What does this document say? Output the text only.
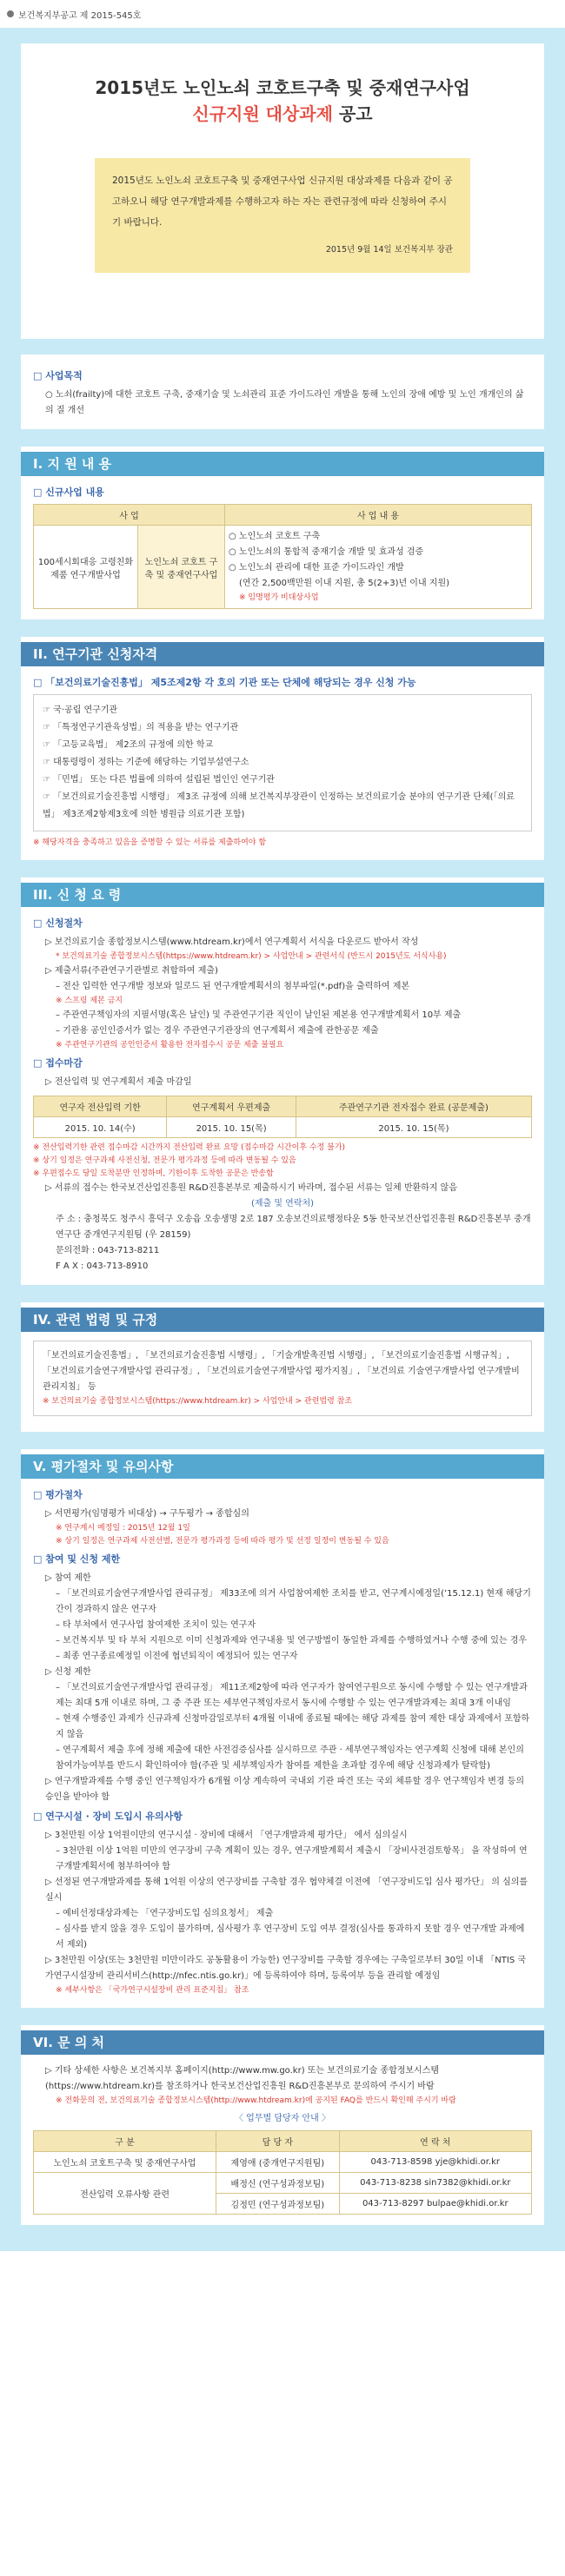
보건복지부공고 제 2015-545호
2015년도 노인노쇠 코호트구축 및 중재연구사업
신규지원 대상과제 공고
2015년도 노인노쇠 코호트구축 및 중재연구사업 신규지원 대상과제를 다음과 같이 공고하오니 해당 연구개발과제를 수행하고자 하는 자는 관련규정에 따라 신청하여 주시기 바랍니다.
2015년 9월 14일 보건복지부 장관
□ 사업목적
○ 노쇠(frailty)에 대한 코호트 구축, 중재기술 및 노쇠관리 표준 가이드라인 개발을 통해 노인의 장애 예방 및 노인 개개인의 삶의 질 개선
I. 지 원 내 용
□ 신규사업 내용
사 업		사 업 내 용
100세시회대응 고령친화제품 연구개발사업	노인노쇠 코호트 구축 및 중재연구사업	○ 노인노쇠 코호트 구축
○ 노인노쇠의 통합적 중재기술 개발 및 효과성 검증
○ 노인노쇠 관리에 대한 표준 가이드라인 개발
(연간 2,500백만원 이내 지원, 총 5(2+3)년 이내 지원)
※ 임명평가 비대상사업
II. 연구기관 신청자격
□ 「보건의료기술진흥법」 제5조제2항 각 호의 기관 또는 단체에 해당되는 경우 신청 가능
☞ 국·공립 연구기관
☞ 「특정연구기관육성법」의 적용을 받는 연구기관
☞ 「고등교육법」 제2조의 규정에 의한 학교
☞ 대통령령이 정하는 기준에 해당하는 기업부설연구소
☞ 「민법」 또는 다른 법률에 의하여 설립된 법인인 연구기관
☞ 「보건의료기술진흥법 시행령」 제3조 규정에 의해 보건복지부장관이 인정하는 보건의료기술 분야의 연구기관 단체(「의료법」 제3조제2항제3호에 의한 병원급 의료기관 포함)
※ 해당자격을 충족하고 있음을 증명할 수 있는 서류를 제출하여야 함
III. 신 청 요 령
□ 신청절차
▷ 보건의료기술 종합정보시스템(www.htdream.kr)에서 연구계획서 서식을 다운로드 받아서 작성
* 보건의료기술 종합정보시스템(https://www.htdream.kr) > 사업안내 > 관련서식 (반드시 2015년도 서식사용)
▷ 제출서류(주관연구기관별로 취합하여 제출)
– 전산 입력한 연구개발 정보와 일로드 된 연구개발계획서의 첨부파일(*.pdf)을 출력하여 제본
※ 스프링 제본 금지
– 주관연구책임자의 지필서명(혹은 날인) 및 주관연구기관 직인이 날인된 제본용 연구개발계획서 10부 제출
– 기관용 공인인증서가 없는 경우 주관연구기관장의 연구계획서 제출에 관한공문 제출
※ 주관연구기관의 공인인증서 활용한 전자접수시 공문 제출 불필요
□ 접수마감
▷ 전산입력 및 연구계획서 제출 마감일
연구자 전산입력 기한	연구계획서 우편제출	주관연구기관 전자접수 완료 (공문제출)
2015. 10. 14(수)	2015. 10. 15(목)	2015. 10. 15(목)
※ 전산입력기한 관련 접수마감 시간까지 전산입력 완료 요망 (접수마감 시간이후 수정 불가)
※ 상기 일정은 연구과제 사전신청, 전문가 평가과정 등에 따라 변동될 수 있음
※ 우편접수도 당일 도착분만 인정하며, 기한이후 도착한 공문은 반송함
▷ 서류의 접수는 한국보건산업진흥원 R&D진흥본부로 제출하시기 바라며, 접수된 서류는 일체 반환하지 않음
(제출 및 연락처)
주 소 : 충청북도 청주시 흥덕구 오송읍 오송생명 2로 187 오송보건의료행정타운 5동 한국보건산업진흥원 R&D진흥본부 중개연구단 중개연구지원팀 (우 28159)
문의전화 : 043-713-8211
F A X : 043-713-8910
IV. 관련 법령 및 규정
「보건의료기술진흥법」, 「보건의료기술진흥법 시행령」, 「기술개발촉진법 시행령」, 「보건의료기술진흥법 시행규칙」, 「보건의료기술연구개발사업 관리규정」, 「보건의료기술연구개발사업 평가지침」, 「보건의료 기술연구개발사업 연구개발비 관리지침」 등
※ 보건의료기술 종합정보시스템(https://www.htdream.kr) > 사업안내 > 관련법령 참조
V. 평가절차 및 유의사항
□ 평가절차
▷ 서면평가(임명평가 비대상) → 구두평가 → 종합심의
※ 연구계시 예정일 : 2015년 12월 1일
※ 상기 일정은 연구과제 사전선별, 전문가 평가과정 등에 따라 평가 및 선정 일정이 변동될 수 있음
□ 참여 및 신청 제한
▷ 참여 제한
– 「보건의료기술연구개발사업 관리규정」 제33조에 의거 사업참여제한 조치를 받고, 연구계시예정일(’15.12.1) 현재 해당기간이 경과하지 않은 연구자
– 타 부처에서 연구사업 참여제한 조치이 있는 연구자
– 보건복지부 및 타 부처 지원으로 이미 신청과제와 연구내용 및 연구방법이 동일한 과제를 수행하였거나 수행 중에 있는 경우
– 최종 연구종료예정일 이전에 협년퇴직이 예정되어 있는 연구자
▷ 신청 제한
– 「보건의료기술연구개발사업 관리규정」 제11조제2항에 따라 연구자가 참여연구원으로 동시에 수행할 수 있는 연구개발과제는 최대 5개 이내로 하며, 그 중 주관 또는 세부연구책임자로서 동시에 수행할 수 있는 연구개발과제는 최대 3개 이내임
– 현재 수행중인 과제가 신규과제 신청마감일로부터 4개월 이내에 종료될 때에는 해당 과제를 참여 제한 대상 과제에서 포함하지 않음
– 연구계획서 제출 후에 정해 제출에 대한 사전검증심사를 실시하므로 주관 · 세부연구책임자는 연구계획 신청에 대해 본인의 참여가능여부를 반드시 확인하여야 함(주관 및 세부책임자가 참여를 제한을 초과할 경우에 해당 신청과제가 탈락함)
▷ 연구개발과제를 수행 중인 연구책임자가 6개월 이상 계속하여 국내외 기관 파견 또는 국외 체류할 경우 연구책임자 변경 등의 승인을 받아야 함
□ 연구시설 · 장비 도입시 유의사항
▷ 3천만원 이상 1억원이만의 연구시설 · 장비에 대해서 「연구개발과제 평가단」 에서 심의실시
– 3천만원 이상 1억원 미만의 연구장비 구축 계획이 있는 경우, 연구개발계획서 제출시 「장비사전검토항목」 을 작성하여 연구개발계획서에 첨부하여야 함
▷ 선정된 연구개발과제를 통해 1억원 이상의 연구장비를 구축할 경우 협약체결 이전에 「연구장비도입 심사 평가단」 의 심의를 실시
– 예비선정대상과제는 「연구장비도입 심의요청서」 제출
– 심사를 받지 않을 경우 도입이 불가하며, 심사평가 후 연구장비 도입 여부 결정(심사를 통과하지 못할 경우 연구개발 과제에서 제외)
▷ 3천만원 이상(또는 3천만원 미만이라도 공동활용이 가능한) 연구장비를 구축할 경우에는 구축일로부터 30일 이내 「NTIS 국가연구시설장비 관리서비스(http://nfec.ntis.go.kr)」에 등록하여야 하며, 등록여부 등을 관리할 예정임
※ 세부사항은 「국가연구시설장비 관리 표준지침」 참조
VI. 문 의 처
▷ 기타 상세한 사항은 보건복지부 홈페이지(http://www.mw.go.kr) 또는 보건의료기술 종합정보시스템(https://www.htdream.kr)를 참조하거나 한국보건산업진흥원 R&D진흥본부로 문의하여 주시기 바람
※ 전화문의 전, 보건의료기술 종합정보시스템(http://www.htdream.kr)에 공지된 FAQ를 반드시 확인해 주시기 바람
〈 업무별 담당자 안내 〉
구 분	담 당 자	연 락 처
노인노쇠 코호트구축 및 중재연구사업	제영애 (중개연구지원팀)	043-713-8598 yje@khidi.or.kr
전산입력 오류사항 관련	배정신 (연구성과정보팀)	043-713-8238 sin7382@khidi.or.kr
	김정민 (연구성과정보팀)	043-713-8297 bulpae@khidi.or.kr
